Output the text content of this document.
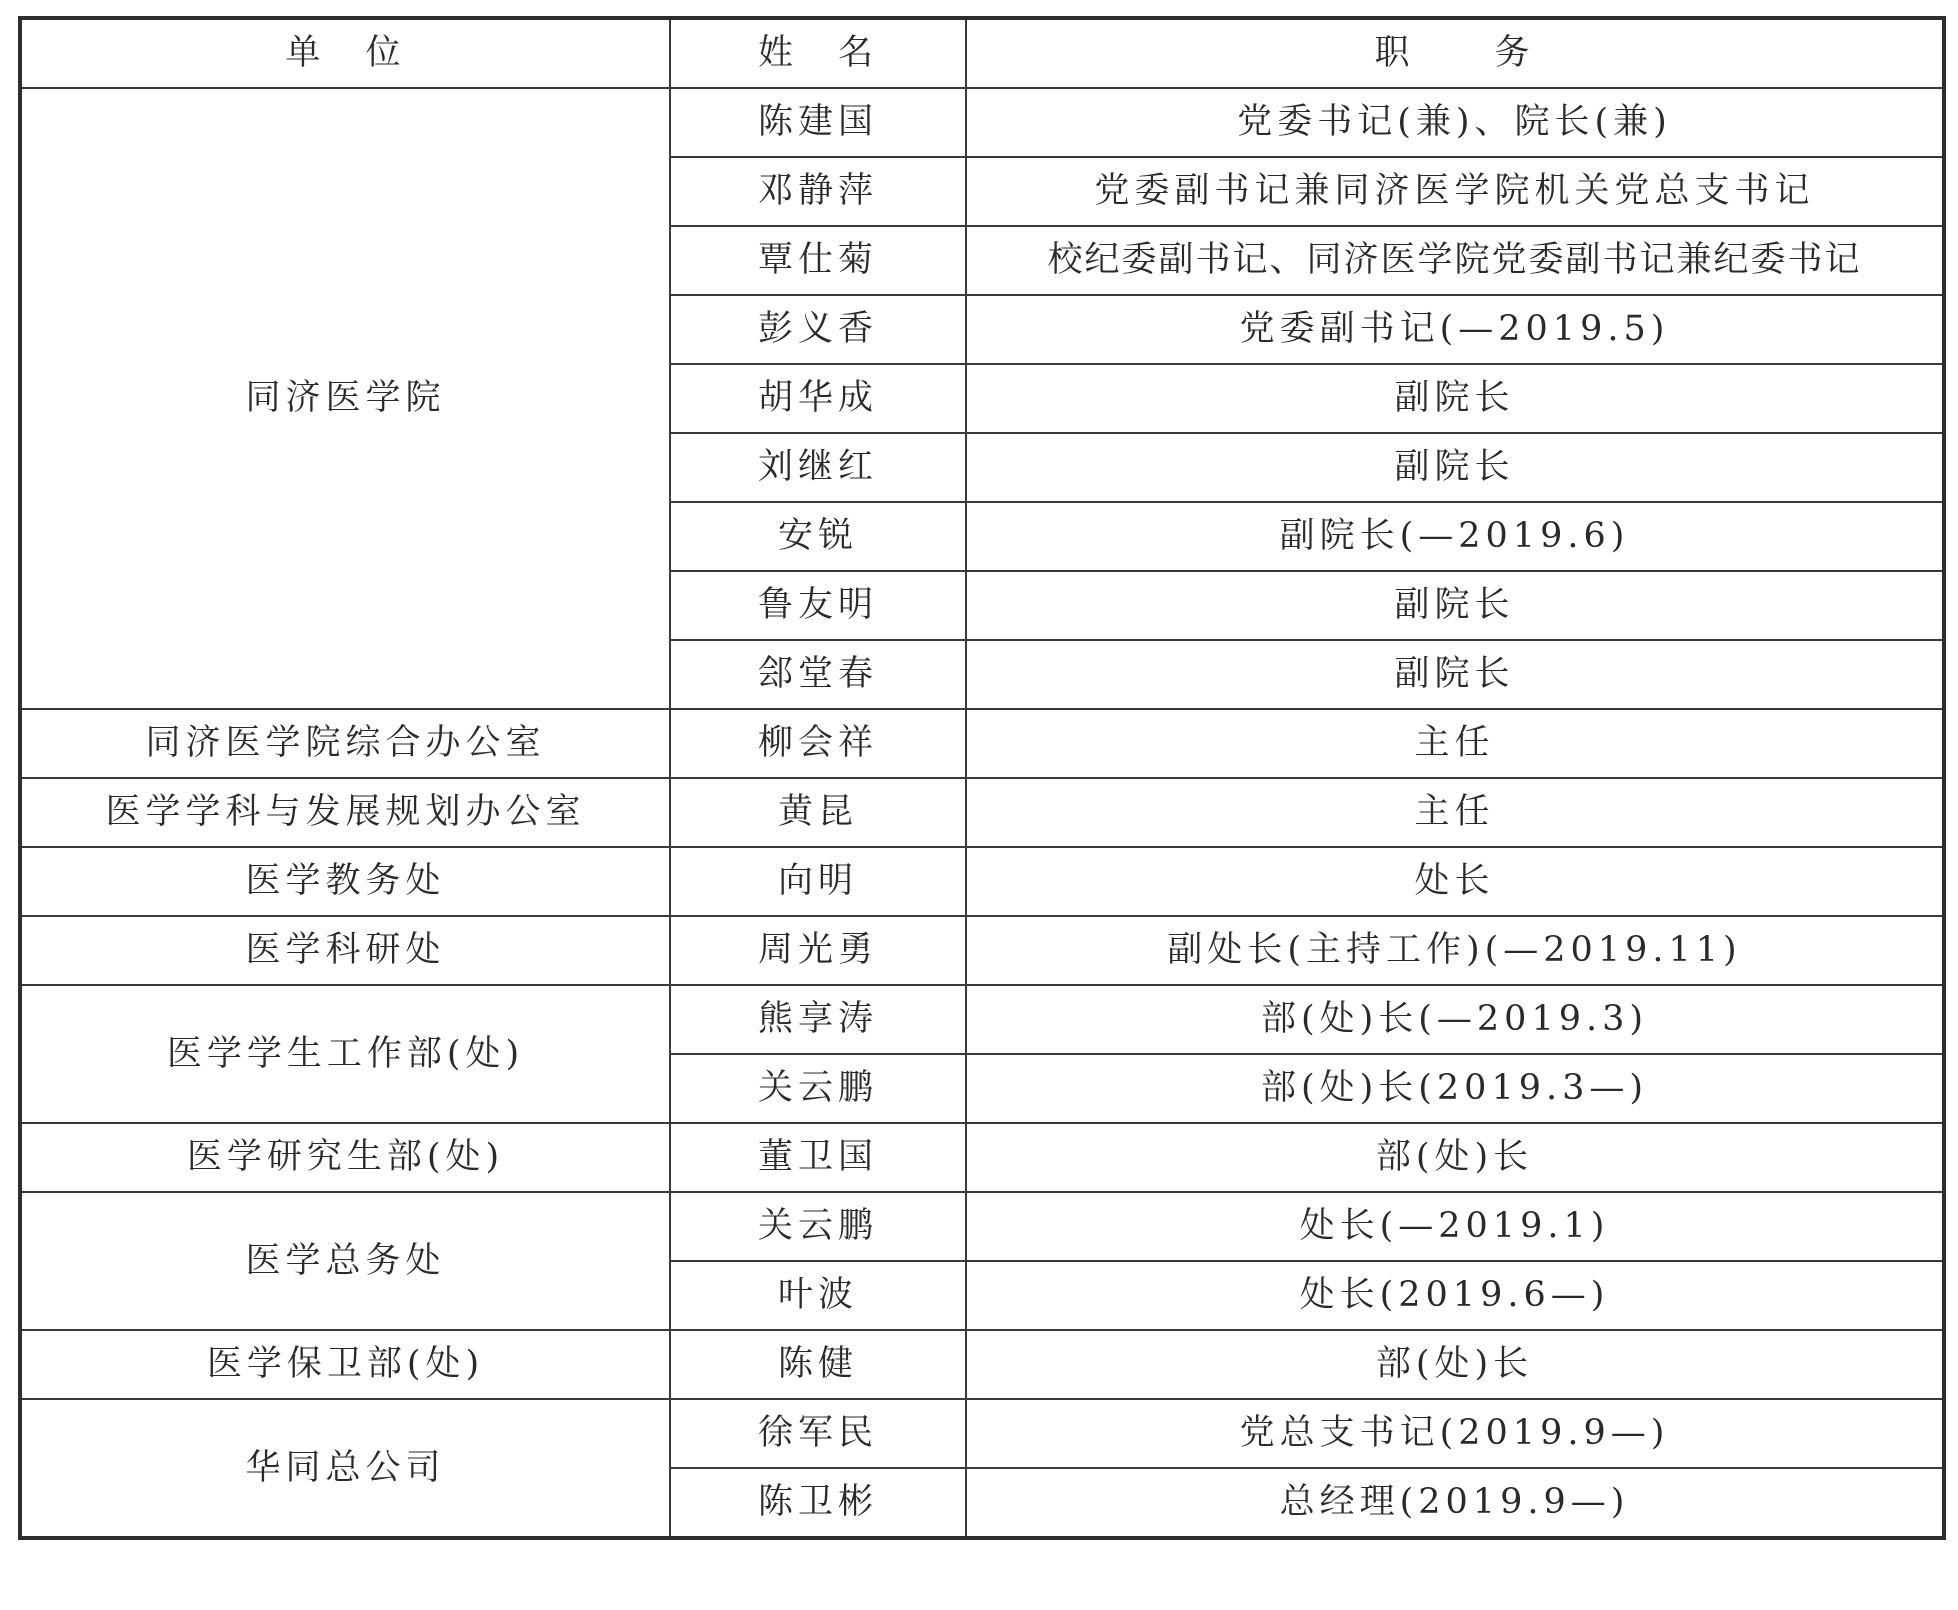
单　位	姓　名	职　　务
同济医学院	陈建国	党委书记(兼)、院长(兼)
	邓静萍	党委副书记兼同济医学院机关党总支书记
	覃仕菊	校纪委副书记、同济医学院党委副书记兼纪委书记
	彭义香	党委副书记(—2019.5)
	胡华成	副院长
	刘继红	副院长
	安锐	副院长(—2019.6)
	鲁友明	副院长
	郐堂春	副院长
同济医学院综合办公室	柳会祥	主任
医学学科与发展规划办公室	黄昆	主任
医学教务处	向明	处长
医学科研处	周光勇	副处长(主持工作)(—2019.11)
医学学生工作部(处)	熊享涛	部(处)长(—2019.3)
	关云鹏	部(处)长(2019.3—)
医学研究生部(处)	董卫国	部(处)长
医学总务处	关云鹏	处长(—2019.1)
	叶波	处长(2019.6—)
医学保卫部(处)	陈健	部(处)长
华同总公司	徐军民	党总支书记(2019.9—)
	陈卫彬	总经理(2019.9—)
